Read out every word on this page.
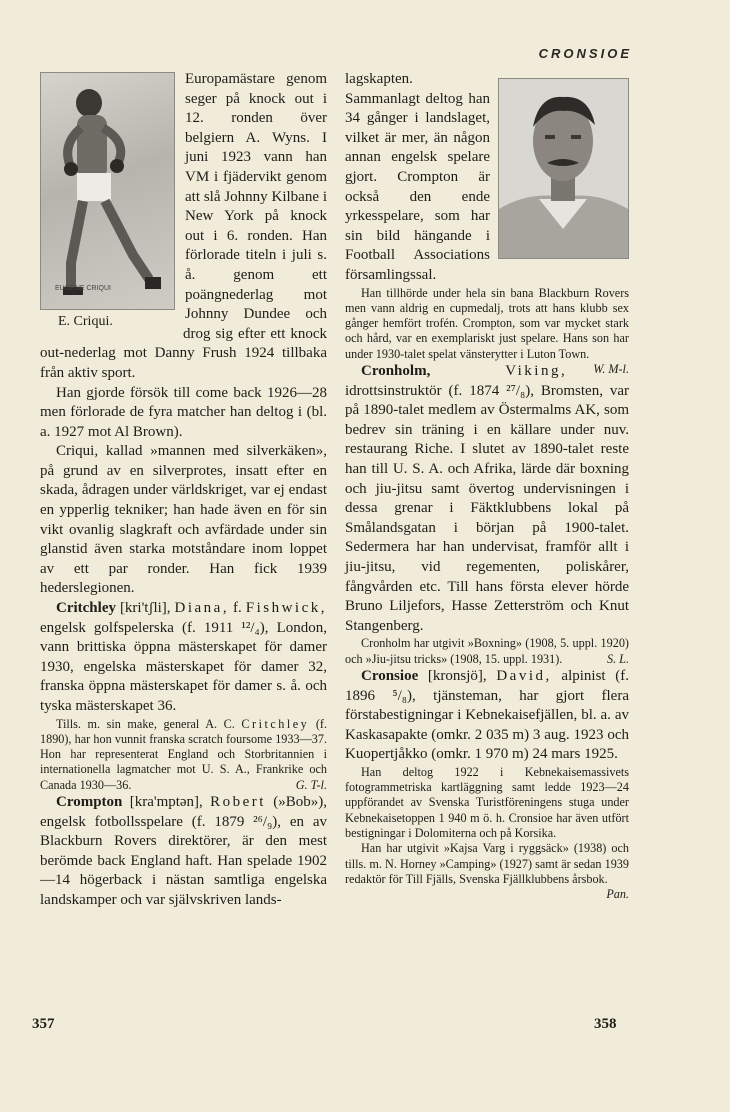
CRONSIOE
EUGÈNE CRIQUI
E. Criqui.

Europamästare genom seger på knock out i 12. ronden över belgiern A. Wyns. I juni 1923 vann han VM i fjädervikt genom att slå Johnny Kilbane i New York på knock out i 6. ronden. Han förlorade titeln i juli s. å. genom ett poängnederlag mot Johnny Dundee och drog sig efter ett knock out-nederlag mot Danny Frush 1924 tillbaka från aktiv sport.

Han gjorde försök till come back 1926—28 men förlorade de fyra matcher han deltog i (bl. a. 1927 mot Al Brown).

Criqui, kallad »mannen med silverkäken», på grund av en silverprotes, insatt efter en skada, ådragen under världskriget, var ej endast en ypperlig tekniker; han hade även en för sin vikt ovanlig slagkraft och avfärdade under sin glanstid även starka motståndare inom loppet av ett par ronder. Han fick 1939 hederslegionen.

Critchley [kri'tʃli], Diana, f. Fishwick, engelsk golfspelerska (f. 1911 ¹²/₄), London, vann brittiska öppna mästerskapet för damer 1930, engelska mästerskapet för damer 32, franska öppna mästerskapet för damer s. å. och tyska mästerskapet 36.

Tills. m. sin make, general A. C. Critchley (f. 1890), har hon vunnit franska scratch foursome 1933—37. Hon har representerat England och Storbritannien i internationella lagmatcher mot U. S. A., Frankrike och Canada 1930—36.	G. T-l.

Crompton [kra'mptən], Robert (»Bob»), engelsk fotbollsspelare (f. 1879 ²⁶/₉), en av Blackburn Rovers direktörer, är den mest berömde back England haft. Han spelade 1902—14 högerback i nästan samtliga engelska landskamper och var självskriven lands-

357

lagskapten. Sammanlagt deltog han 34 gånger i landslaget, vilket är mer, än någon annan engelsk spelare gjort. Crompton är också den ende yrkesspelare, som har sin bild hängande i Football Associations församlingssal.

Han tillhörde under hela sin bana Blackburn Rovers men vann aldrig en cupmedalj, trots att hans klubb sex gånger hemfört trofén. Crompton, som var mycket stark och hård, var en exemplariskt just spelare. Hans son har under 1930-talet spelat vänsterytter i Luton Town.
W. M-l.

Cronholm,	Viking, idrottsinstruktör (f. 1874 ²⁷/₈), Bromsten, var på 1890-talet medlem av Östermalms AK, som bedrev sin träning i en källare under nuv. restaurang Riche. I slutet av 1890-talet reste han till U. S. A. och Afrika, lärde där boxning och jiu-jitsu samt övertog undervisningen i dessa grenar i Fäktklubbens lokal på Smålandsgatan i början på 1900-talet. Sedermera har han undervisat, framför allt i jiu-jitsu, vid regementen, poliskårer, fångvården etc. Till hans första elever hörde Bruno Liljefors, Hasse Zetterström och Knut Stangenberg.

Cronholm har utgivit »Boxning» (1908, 5. uppl. 1920) och »Jiu-jitsu tricks» (1908, 15. uppl. 1931).	S. L.

Cronsioe [kronsjö], David, alpinist (f. 1896 ⁵/₈), tjänsteman, har gjort flera förstabestigningar i Kebnekaisefjällen, bl. a. av Kaskasapakte (omkr. 2 035 m) 3 aug. 1923 och Kuopertjåkko (omkr. 1 970 m) 24 mars 1925.

Han deltog 1922 i Kebnekaisemassivets fotogrammetriska kartläggning samt ledde 1923—24 uppförandet av Svenska Turistföreningens stuga under Kebnekaisetoppen 1 940 m ö. h. Cronsioe har även utfört bestigningar i Dolomiterna och på Korsika.

Han har utgivit »Kajsa Varg i ryggsäck» (1938) och tills. m. N. Horney »Camping» (1927) samt är sedan 1939 redaktör för Till Fjälls, Svenska Fjällklubbens årsbok.
Pan.

358
